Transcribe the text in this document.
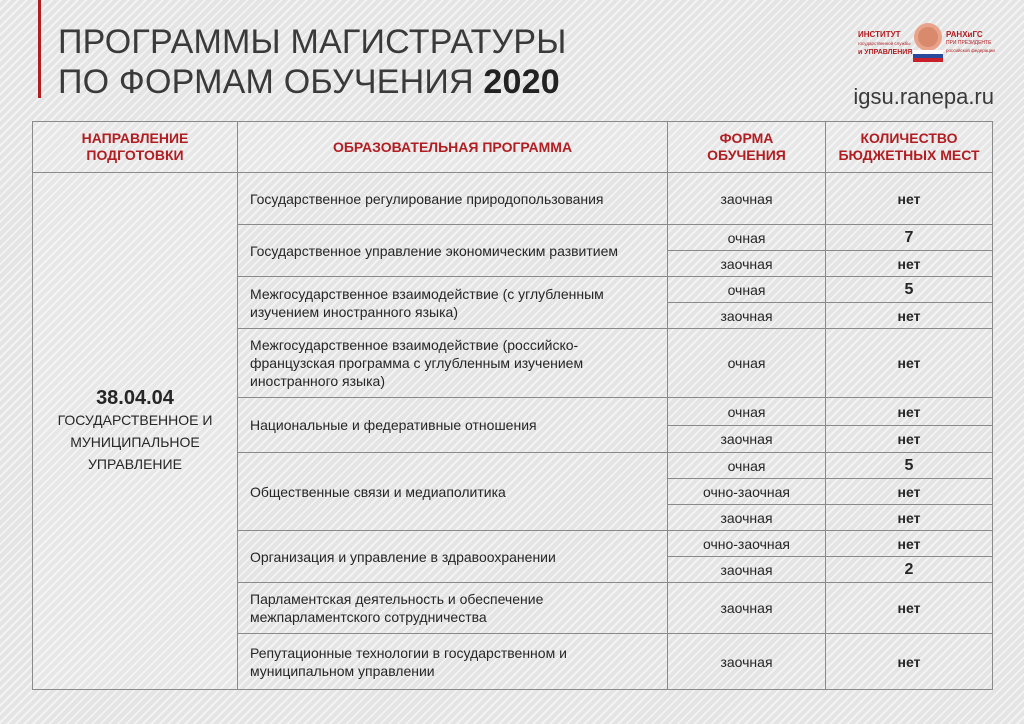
ПРОГРАММЫ МАГИСТРАТУРЫ
ПО ФОРМАМ ОБУЧЕНИЯ 2020
ИНСТИТУТ
государственной службы
и УПРАВЛЕНИЯ
РАНХиГС
ПРИ ПРЕЗИДЕНТЕ
российской федерации
igsu.ranepa.ru
НАПРАВЛЕНИЕ ПОДГОТОВКИ	ОБРАЗОВАТЕЛЬНАЯ ПРОГРАММА	ФОРМА ОБУЧЕНИЯ	КОЛИЧЕСТВО БЮДЖЕТНЫХ МЕСТ

38.04.04
ГОСУДАРСТВЕННОЕ И МУНИЦИПАЛЬНОЕ УПРАВЛЕНИЕ	Государственное регулирование природопользования	заочная	нет
	Государственное управление экономическим развитием	очная	7
		заочная	нет
	Межгосударственное взаимодействие (с углубленным изучением иностранного языка)	очная	5
		заочная	нет
	Межгосударственное взаимодействие (российско-французская программа с углубленным изучением иностранного языка)	очная	нет
	Национальные и федеративные отношения	очная	нет
		заочная	нет
	Общественные связи и медиаполитика	очная	5
		очно-заочная	нет
		заочная	нет
	Организация и управление в здравоохранении	очно-заочная	нет
		заочная	2
	Парламентская деятельность и обеспечение межпарламентского сотрудничества	заочная	нет
	Репутационные технологии в государственном и муниципальном управлении	заочная	нет
